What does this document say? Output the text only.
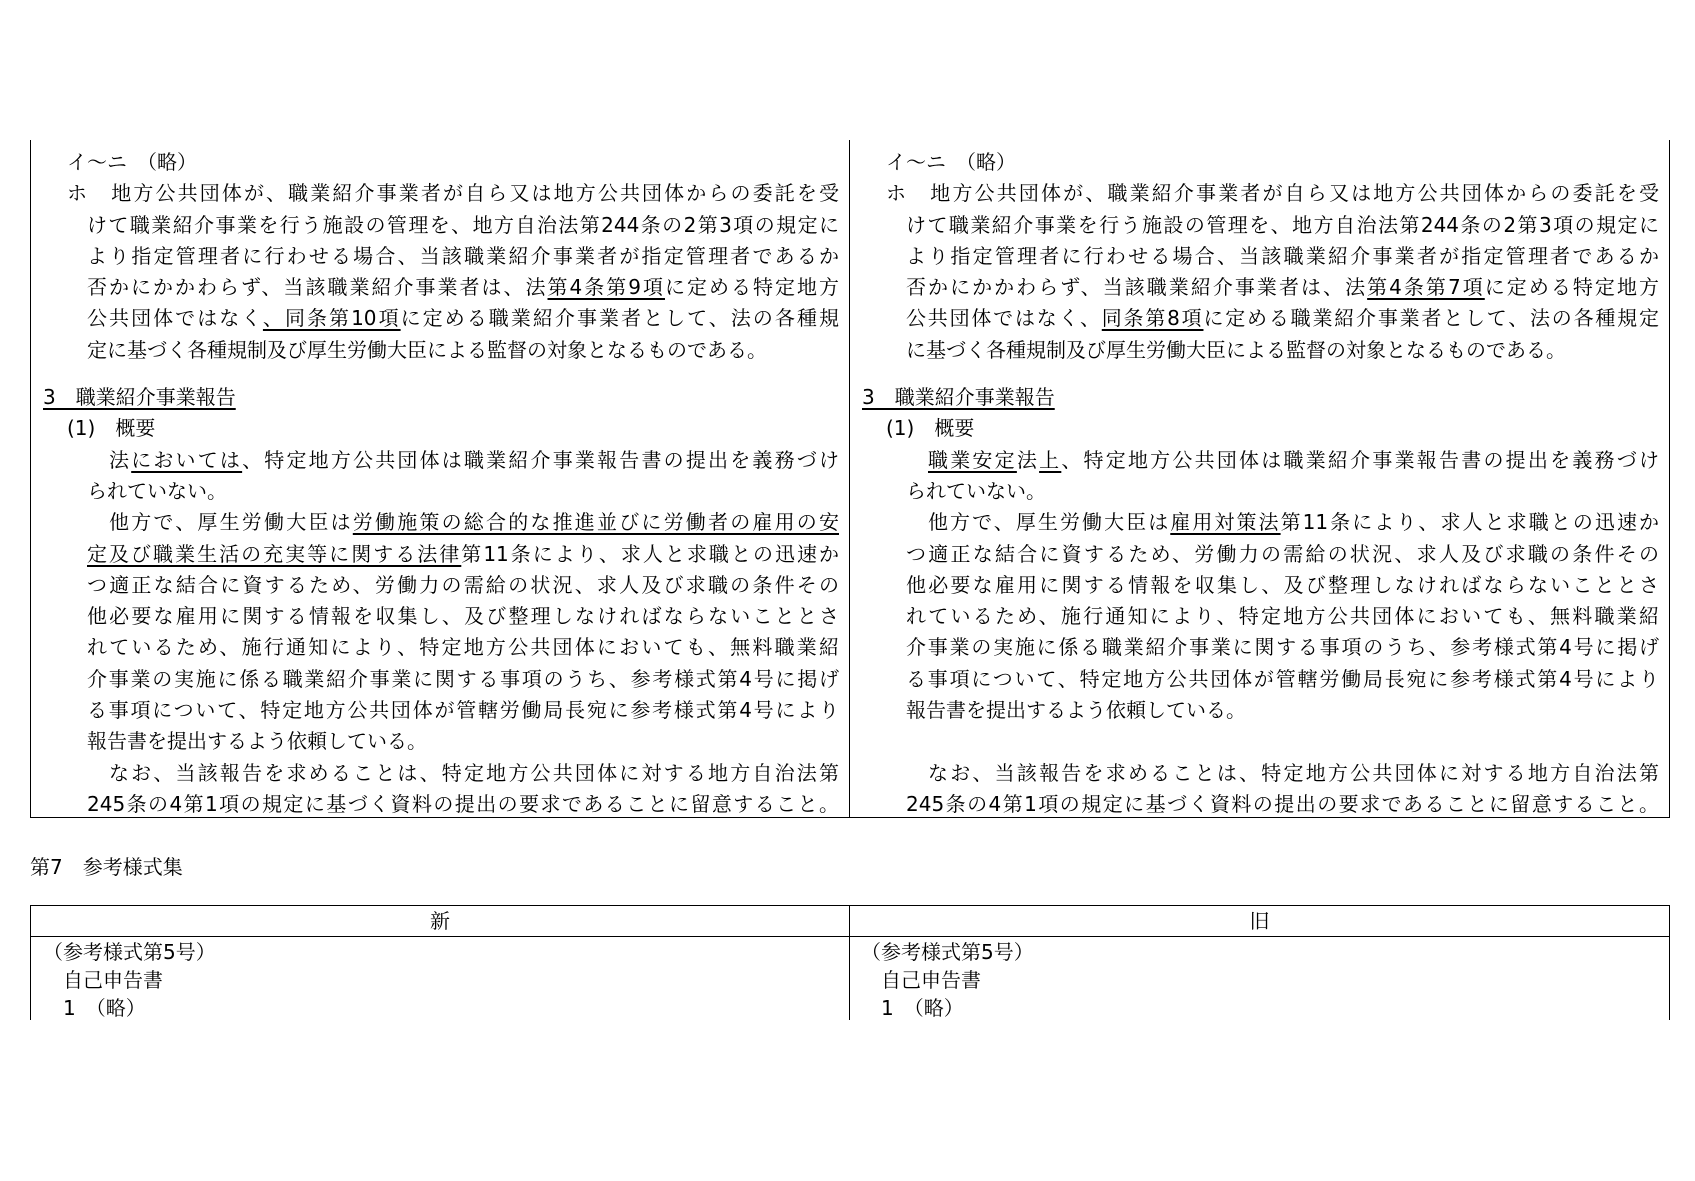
イ～ニ　（略）
ホ　地方公共団体が、職業紹介事業者が自ら又は地方公共団体からの委託を受
けて職業紹介事業を行う施設の管理を、地方自治法第244条の2第3項の規定に
より指定管理者に行わせる場合、当該職業紹介事業者が指定管理者であるか
否かにかかわらず、当該職業紹介事業者は、法第4条第9項に定める特定地方
公共団体ではなく、同条第10項に定める職業紹介事業者として、法の各種規
定に基づく各種規制及び厚生労働大臣による監督の対象となるものである。
3　職業紹介事業報告
(1)　概要
法においては、特定地方公共団体は職業紹介事業報告書の提出を義務づけ
られていない。
他方で、厚生労働大臣は労働施策の総合的な推進並びに労働者の雇用の安
定及び職業生活の充実等に関する法律第11条により、求人と求職との迅速か
つ適正な結合に資するため、労働力の需給の状況、求人及び求職の条件その
他必要な雇用に関する情報を収集し、及び整理しなければならないこととさ
れているため、施行通知により、特定地方公共団体においても、無料職業紹
介事業の実施に係る職業紹介事業に関する事項のうち、参考様式第4号に掲げ
る事項について、特定地方公共団体が管轄労働局長宛に参考様式第4号により
報告書を提出するよう依頼している。
なお、当該報告を求めることは、特定地方公共団体に対する地方自治法第
245条の4第1項の規定に基づく資料の提出の要求であることに留意すること。
イ～ニ　（略）
ホ　地方公共団体が、職業紹介事業者が自ら又は地方公共団体からの委託を受
けて職業紹介事業を行う施設の管理を、地方自治法第244条の2第3項の規定に
より指定管理者に行わせる場合、当該職業紹介事業者が指定管理者であるか
否かにかかわらず、当該職業紹介事業者は、法第4条第7項に定める特定地方
公共団体ではなく、同条第8項に定める職業紹介事業者として、法の各種規定
に基づく各種規制及び厚生労働大臣による監督の対象となるものである。
3　職業紹介事業報告
(1)　概要
職業安定法上、特定地方公共団体は職業紹介事業報告書の提出を義務づけ
られていない。
他方で、厚生労働大臣は雇用対策法第11条により、求人と求職との迅速か
つ適正な結合に資するため、労働力の需給の状況、求人及び求職の条件その
他必要な雇用に関する情報を収集し、及び整理しなければならないこととさ
れているため、施行通知により、特定地方公共団体においても、無料職業紹
介事業の実施に係る職業紹介事業に関する事項のうち、参考様式第4号に掲げ
る事項について、特定地方公共団体が管轄労働局長宛に参考様式第4号により
報告書を提出するよう依頼している。
なお、当該報告を求めることは、特定地方公共団体に対する地方自治法第
245条の4第1項の規定に基づく資料の提出の要求であることに留意すること。
第7　参考様式集
新	旧
（参考様式第5号）
　自己申告書
　1　（略）
（参考様式第5号）
　自己申告書
　1　（略）
